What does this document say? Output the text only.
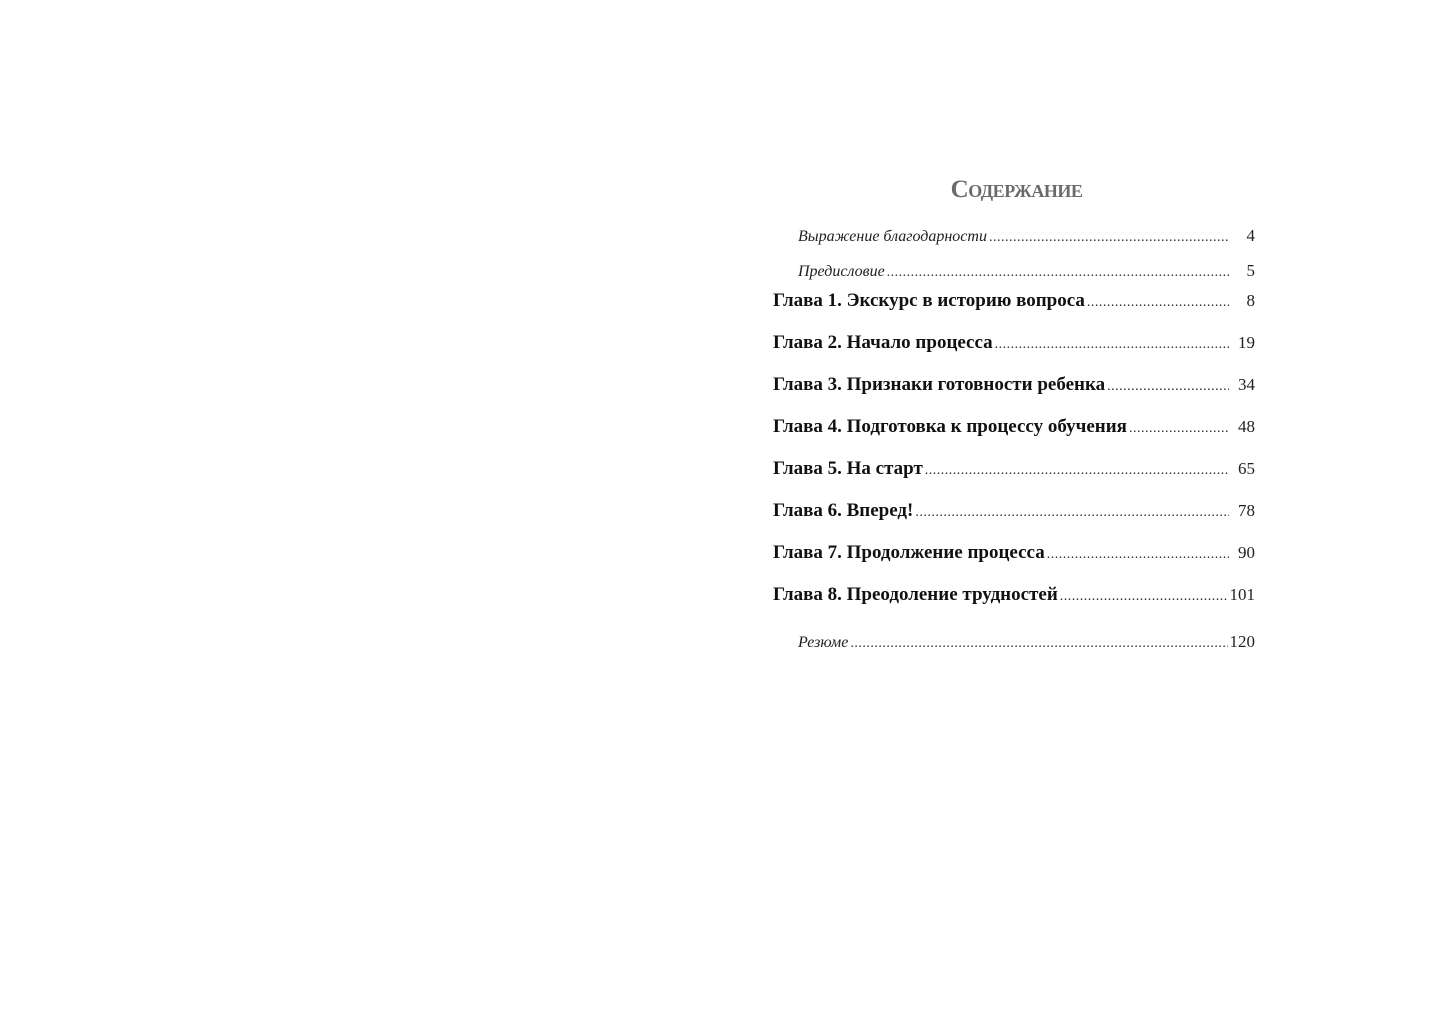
Содержание
Выражение благодарности .....	4
Предисловие .....	5
Глава 1. Экскурс в историю вопроса .....	8
Глава 2. Начало процесса .....	19
Глава 3. Признаки готовности ребенка .....	34
Глава 4. Подготовка к процессу обучения .....	48
Глава 5. На старт .....	65
Глава 6. Вперед! .....	78
Глава 7. Продолжение процесса .....	90
Глава 8. Преодоление трудностей .....	101
Резюме .....	120
